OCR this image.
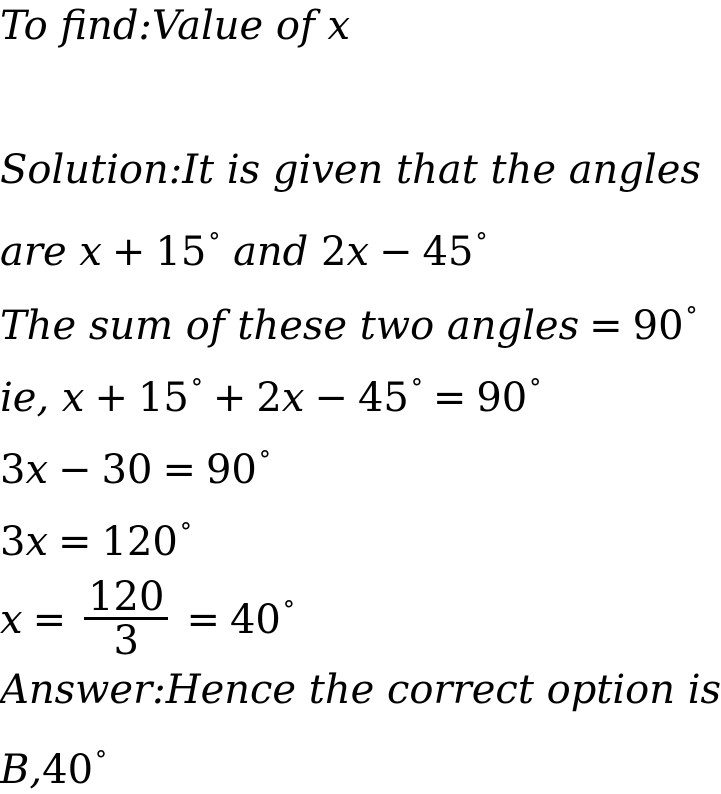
To find:Value of x
Solution:It is given that the angles
are x + 15° and 2x − 45°
The sum of these two angles = 90°
ie, x + 15° + 2x − 45° = 90°
3x − 30 = 90°
3x = 120°
$x = \frac{120}{3} = 40^\circ$
Answer:Hence the correct option is
B,40°
